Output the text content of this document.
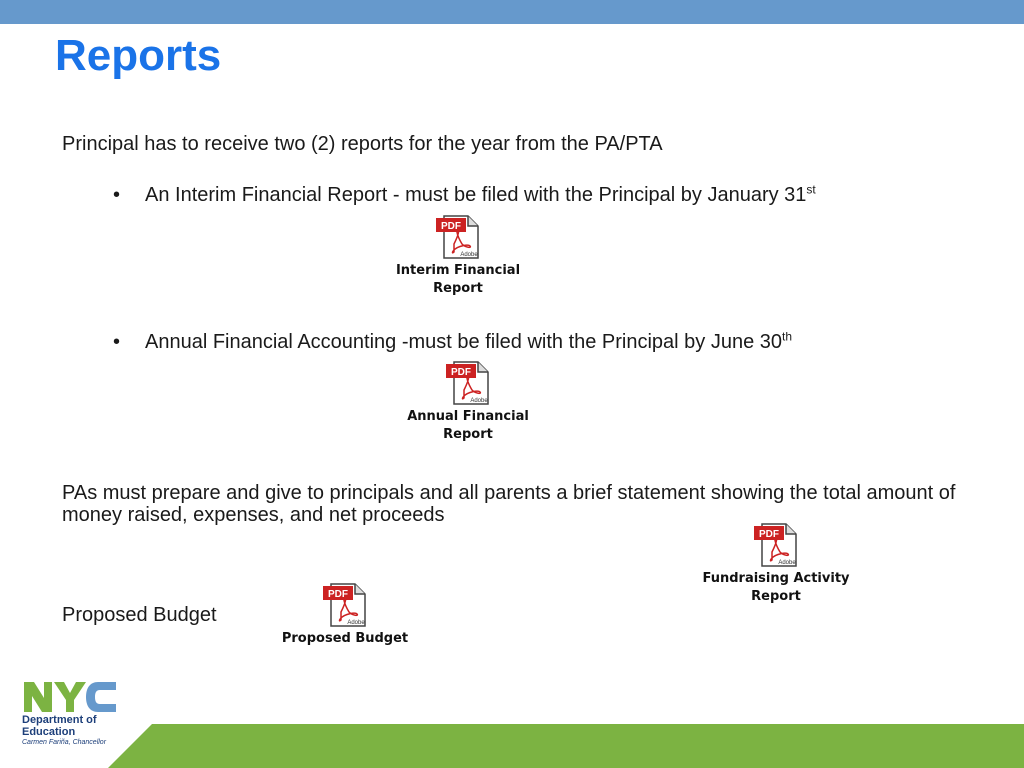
Reports

Principal has to receive two (2) reports for the year from the PA/PTA

• An Interim Financial Report - must be filed with the Principal by January 31st

PDF
Adobe
Interim Financial
Report
• Annual Financial Accounting -must be filed with the Principal by June 30th

PDF
Adobe
Annual Financial
Report

PAs must prepare and give to principals and all parents a brief statement showing the total amount of money raised, expenses, and net proceeds

PDF
Adobe
Fundraising Activity
Report

Proposed Budget

PDF
Adobe
Proposed Budget
Department of
Education
Carmen Fariña, Chancellor
